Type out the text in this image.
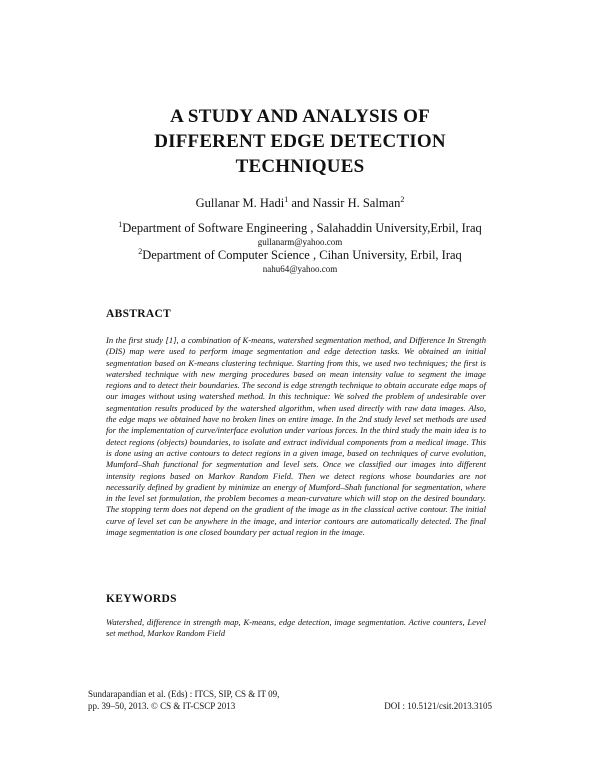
A STUDY AND ANALYSIS OF
DIFFERENT EDGE DETECTION
TECHNIQUES
Gullanar M. Hadi$^1$ and Nassir H. Salman$^2$
$^1$Department of Software Engineering , Salahaddin University,Erbil, Iraq
gullanarm@yahoo.com
$^2$Department of Computer Science , Cihan University, Erbil, Iraq
nahu64@yahoo.com
ABSTRACT
In the first study [1], a combination of K-means, watershed segmentation method, and Difference In Strength (DIS) map were used to perform image segmentation and edge detection tasks. We obtained an initial segmentation based on K-means clustering technique. Starting from this, we used two techniques; the first is watershed technique with new merging procedures based on mean intensity value to segment the image regions and to detect their boundaries. The second is edge strength technique to obtain accurate edge maps of our images without using watershed method. In this technique: We solved the problem of undesirable over segmentation results produced by the watershed algorithm, when used directly with raw data images. Also, the edge maps we obtained have no broken lines on entire image. In the 2nd study level set methods are used for the implementation of curve/interface evolution under various forces. In the third study the main idea is to detect regions (objects) boundaries, to isolate and extract individual components from a medical image. This is done using an active contours to detect regions in a given image, based on techniques of curve evolution, Mumford–Shah functional for segmentation and level sets. Once we classified our images into different intensity regions based on Markov Random Field. Then we detect regions whose boundaries are not necessarily defined by gradient by minimize an energy of Mumford–Shah functional for segmentation, where in the level set formulation, the problem becomes a mean-curvature which will stop on the desired boundary. The stopping term does not depend on the gradient of the image as in the classical active contour. The initial curve of level set can be anywhere in the image, and interior contours are automatically detected. The final image segmentation is one closed boundary per actual region in the image.
KEYWORDS
Watershed, difference in strength map, K-means, edge detection, image segmentation. Active counters, Level set method, Markov Random Field
Sundarapandian et al. (Eds) : ITCS, SIP, CS & IT 09,
pp. 39–50, 2013. © CS & IT-CSCP 2013	DOI : 10.5121/csit.2013.3105
